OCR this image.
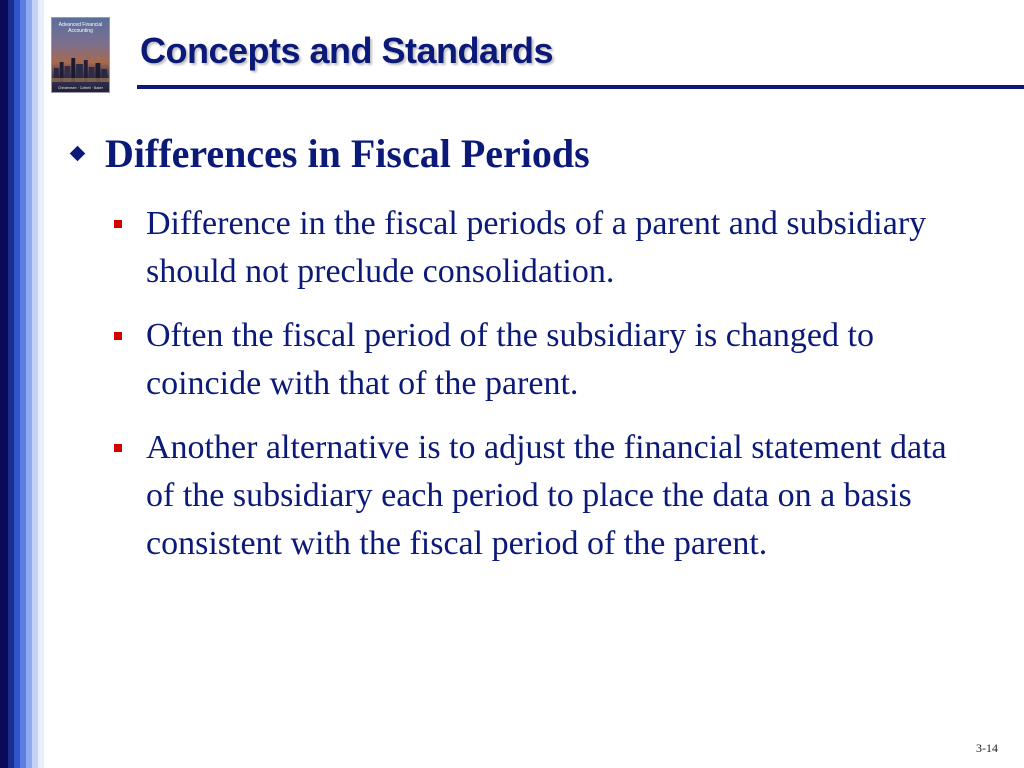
Advanced Financial Accounting
Christensen · Cottrell · Baker
Concepts and Standards
Differences in Fiscal Periods
Difference in the fiscal periods of a parent and subsidiary should not preclude consolidation.
Often the fiscal period of the subsidiary is changed to coincide with that of the parent.
Another alternative is to adjust the financial statement data of the subsidiary each period to place the data on a basis consistent with the fiscal period of the parent.
3-14
